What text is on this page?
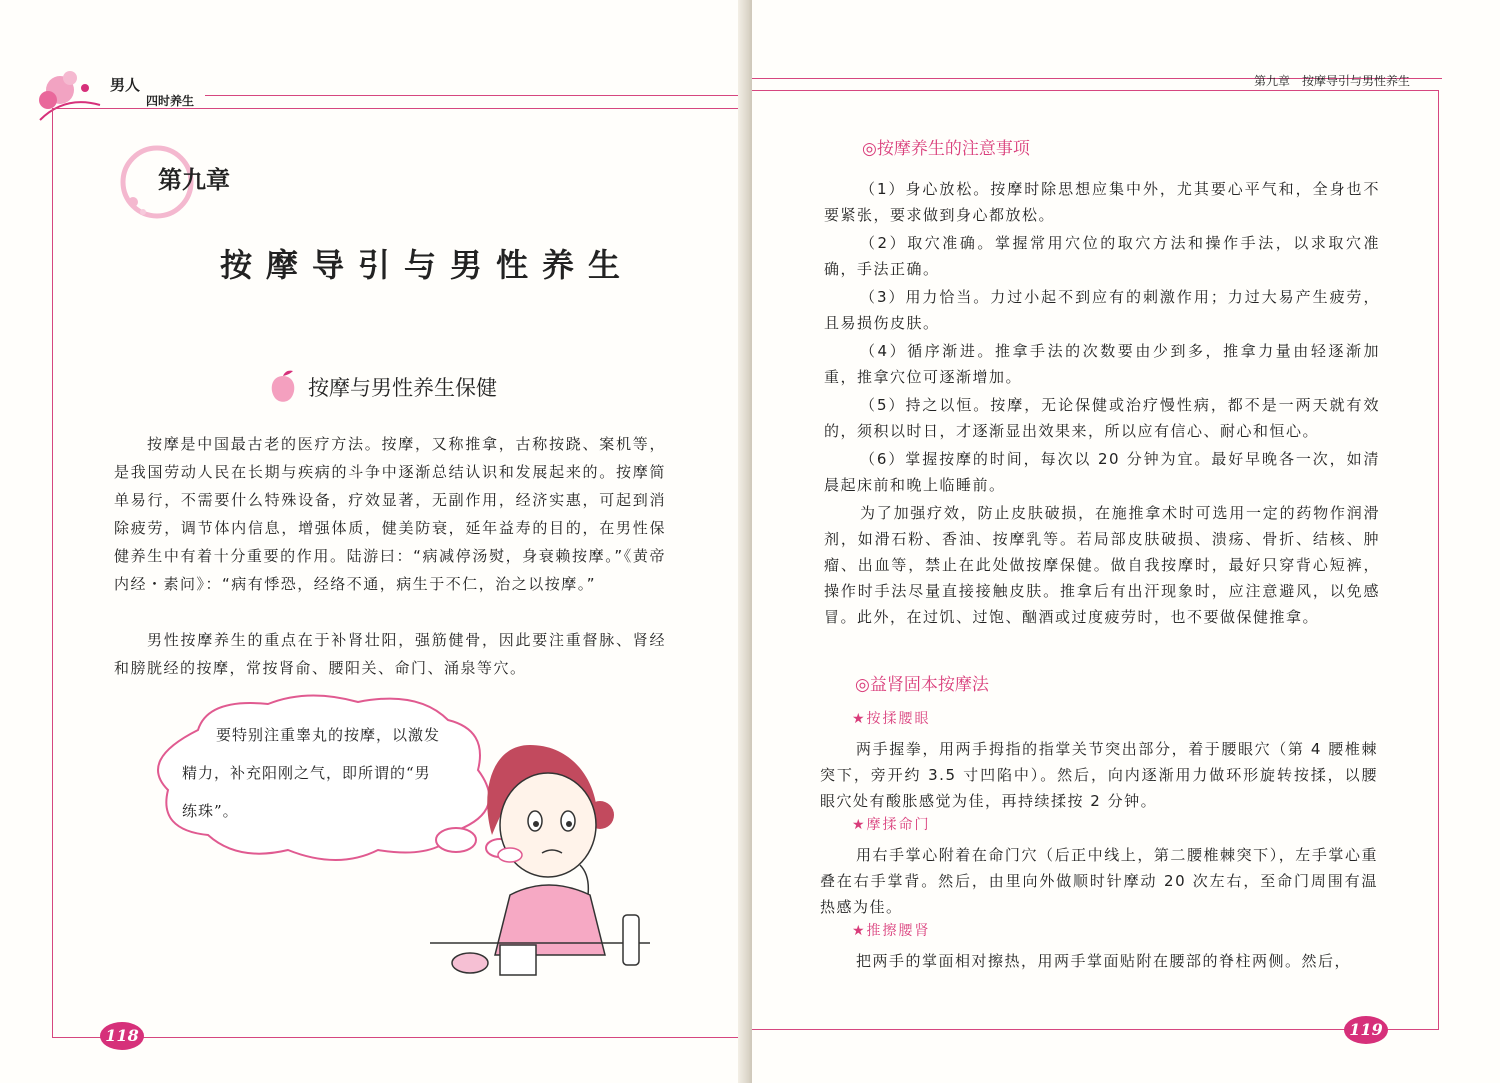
男人
四时养生
第九章
按摩导引与男性养生
按摩与男性养生保健
按摩是中国最古老的医疗方法。按摩，又称推拿，古称按跷、案机等，是我国劳动人民在长期与疾病的斗争中逐渐总结认识和发展起来的。按摩简单易行，不需要什么特殊设备，疗效显著，无副作用，经济实惠，可起到消除疲劳，调节体内信息，增强体质，健美防衰，延年益寿的目的，在男性保健养生中有着十分重要的作用。陆游曰：“病减停汤熨，身衰赖按摩。”《黄帝内经・素问》：“病有悸恐，经络不通，病生于不仁，治之以按摩。”
男性按摩养生的重点在于补肾壮阳，强筋健骨，因此要注重督脉、肾经和膀胱经的按摩，常按肾俞、腰阳关、命门、涌泉等穴。
要特别注重睾丸的按摩，以激发
精力，补充阳刚之气，即所谓的“男
练珠”。
118
第九章　按摩导引与男性养生
◎按摩养生的注意事项
（1）身心放松。按摩时除思想应集中外，尤其要心平气和，全身也不要紧张，要求做到身心都放松。
（2）取穴准确。掌握常用穴位的取穴方法和操作手法，以求取穴准确，手法正确。
（3）用力恰当。力过小起不到应有的刺激作用；力过大易产生疲劳，且易损伤皮肤。
（4）循序渐进。推拿手法的次数要由少到多，推拿力量由轻逐渐加重，推拿穴位可逐渐增加。
（5）持之以恒。按摩，无论保健或治疗慢性病，都不是一两天就有效的，须积以时日，才逐渐显出效果来，所以应有信心、耐心和恒心。
（6）掌握按摩的时间，每次以 20 分钟为宜。最好早晚各一次，如清晨起床前和晚上临睡前。
为了加强疗效，防止皮肤破损，在施推拿术时可选用一定的药物作润滑剂，如滑石粉、香油、按摩乳等。若局部皮肤破损、溃疡、骨折、结核、肿瘤、出血等，禁止在此处做按摩保健。做自我按摩时，最好只穿背心短裤，操作时手法尽量直接接触皮肤。推拿后有出汗现象时，应注意避风，以免感冒。此外，在过饥、过饱、酗酒或过度疲劳时，也不要做保健推拿。
◎益肾固本按摩法
★按揉腰眼
两手握拳，用两手拇指的指掌关节突出部分，着于腰眼穴（第 4 腰椎棘突下，旁开约 3.5 寸凹陷中）。然后，向内逐渐用力做环形旋转按揉，以腰眼穴处有酸胀感觉为佳，再持续揉按 2 分钟。
★摩揉命门
用右手掌心附着在命门穴（后正中线上，第二腰椎棘突下），左手掌心重叠在右手掌背。然后，由里向外做顺时针摩动 20 次左右，至命门周围有温热感为佳。
★推擦腰肾
把两手的掌面相对擦热，用两手掌面贴附在腰部的脊柱两侧。然后，
119
